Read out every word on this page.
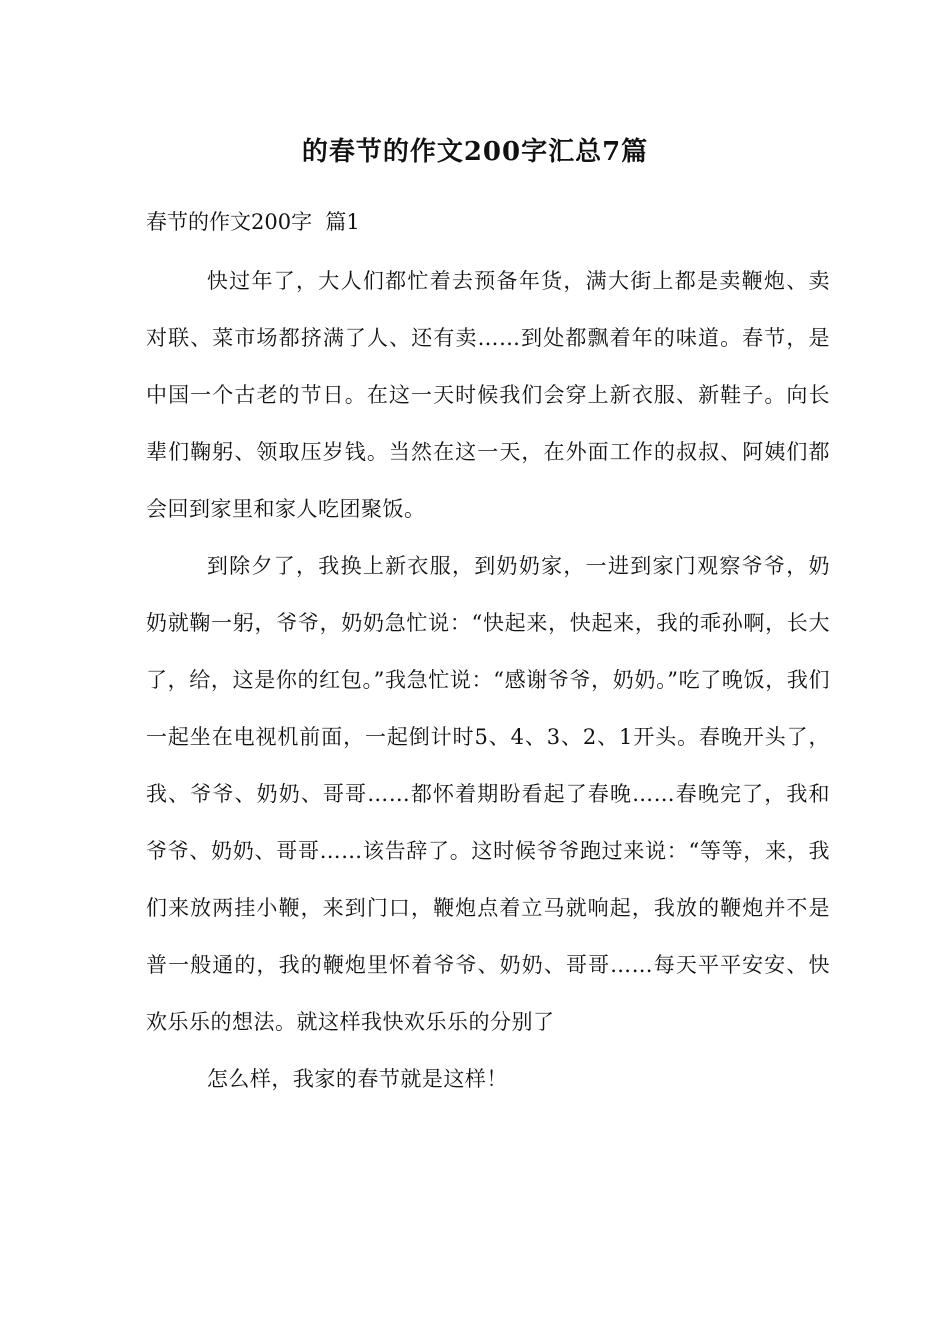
的春节的作文200字汇总7篇
春节的作文200字  篇1

快过年了，大人们都忙着去预备年货，满大街上都是卖鞭炮、卖对联、菜市场都挤满了人、还有卖……到处都飘着年的味道。春节，是中国一个古老的节日。在这一天时候我们会穿上新衣服、新鞋子。向长辈们鞠躬、领取压岁钱。当然在这一天，在外面工作的叔叔、阿姨们都会回到家里和家人吃团聚饭。

到除夕了，我换上新衣服，到奶奶家，一进到家门观察爷爷，奶奶就鞠一躬，爷爷，奶奶急忙说：“快起来，快起来，我的乖孙啊，长大了，给，这是你的红包。”我急忙说：“感谢爷爷，奶奶。”吃了晚饭，我们一起坐在电视机前面，一起倒计时5、4、3、2、1开头。春晚开头了，我、爷爷、奶奶、哥哥……都怀着期盼看起了春晚……春晚完了，我和爷爷、奶奶、哥哥……该告辞了。这时候爷爷跑过来说：“等等，来，我们来放两挂小鞭，来到门口，鞭炮点着立马就响起，我放的鞭炮并不是普一般通的，我的鞭炮里怀着爷爷、奶奶、哥哥……每天平平安安、快欢乐乐的想法。就这样我快欢乐乐的分别了

怎么样，我家的春节就是这样！
